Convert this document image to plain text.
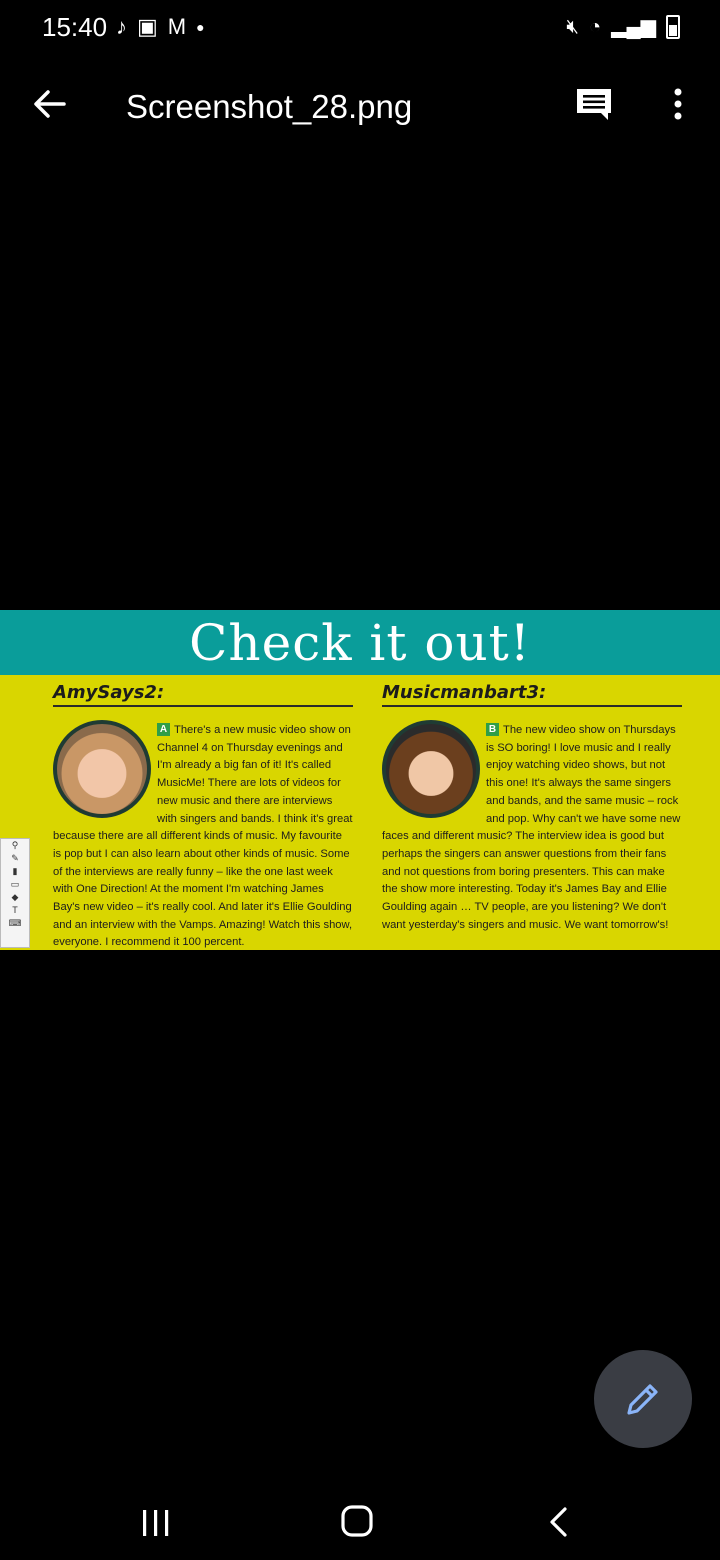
15:40 ♪ ▣ M ●	🔇︎ ◔ ▂▄▆
Screenshot_28.png
Check it out!
AmySays2:
A There's a new music video show on Channel 4 on Thursday evenings and I'm already a big fan of it! It's called MusicMe! There are lots of videos for new music and there are interviews with singers and bands. I think it's great because there are all different kinds of music. My favourite is pop but I can also learn about other kinds of music. Some of the interviews are really funny – like the one last week with One Direction! At the moment I'm watching James Bay's new video – it's really cool. And later it's Ellie Goulding and an interview with the Vamps. Amazing! Watch this show, everyone. I recommend it 100 percent.
Musicmanbart3:
B The new video show on Thursdays is SO boring! I love music and I really enjoy watching video shows, but not this one! It's always the same singers and bands, and the same music – rock and pop. Why can't we have some new faces and different music? The interview idea is good but perhaps the singers can answer questions from their fans and not questions from boring presenters. This can make the show more interesting. Today it's James Bay and Ellie Goulding again … TV people, are you listening? We don't want yesterday's singers and music. We want tomorrow's!
⚲
✎
▮
▭
◆
T
⌨
